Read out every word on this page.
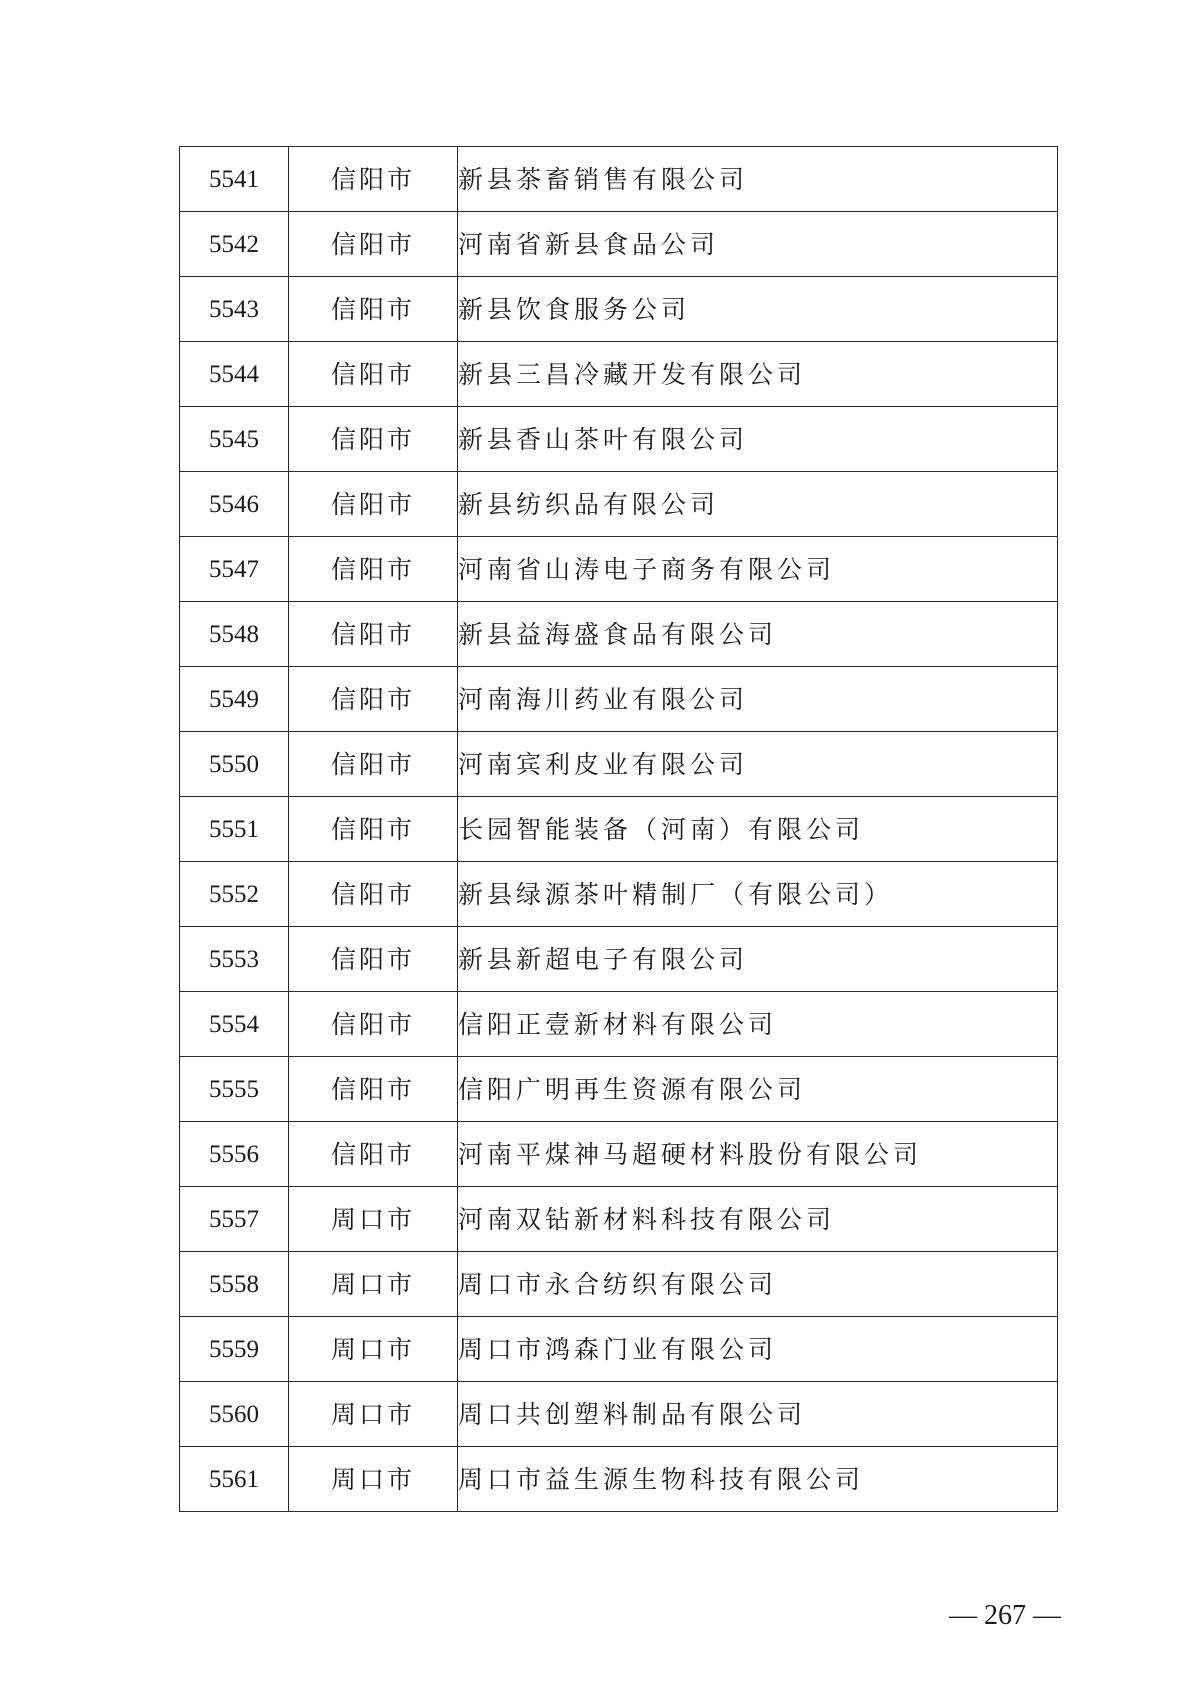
5541	信阳市	新县茶畜销售有限公司
5542	信阳市	河南省新县食品公司
5543	信阳市	新县饮食服务公司
5544	信阳市	新县三昌冷藏开发有限公司
5545	信阳市	新县香山茶叶有限公司
5546	信阳市	新县纺织品有限公司
5547	信阳市	河南省山涛电子商务有限公司
5548	信阳市	新县益海盛食品有限公司
5549	信阳市	河南海川药业有限公司
5550	信阳市	河南宾利皮业有限公司
5551	信阳市	长园智能装备（河南）有限公司
5552	信阳市	新县绿源茶叶精制厂（有限公司）
5553	信阳市	新县新超电子有限公司
5554	信阳市	信阳正壹新材料有限公司
5555	信阳市	信阳广明再生资源有限公司
5556	信阳市	河南平煤神马超硬材料股份有限公司
5557	周口市	河南双钻新材料科技有限公司
5558	周口市	周口市永合纺织有限公司
5559	周口市	周口市鸿森门业有限公司
5560	周口市	周口共创塑料制品有限公司
5561	周口市	周口市益生源生物科技有限公司
— 267 —
